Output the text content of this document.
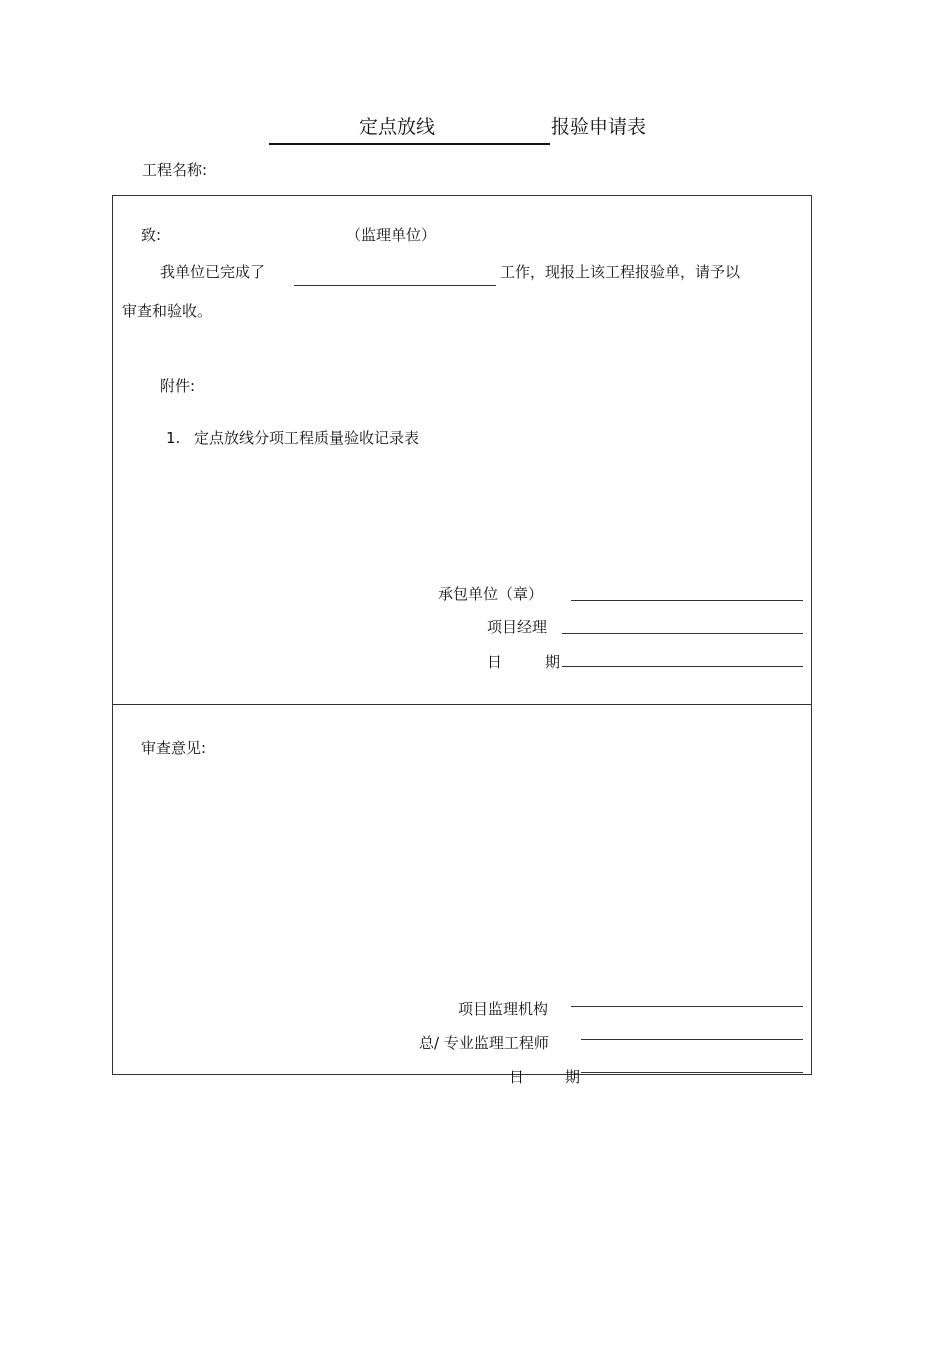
定点放线	报验申请表
工程名称:
致:	（监理单位）
我单位已完成了	工作，现报上该工程报验单，请予以
审查和验收。
附件:
1. 定点放线分项工程质量验收记录表
承包单位（章）
项目经理
日	期
审查意见:
项目监理机构
总/ 专业监理工程师
日	期
